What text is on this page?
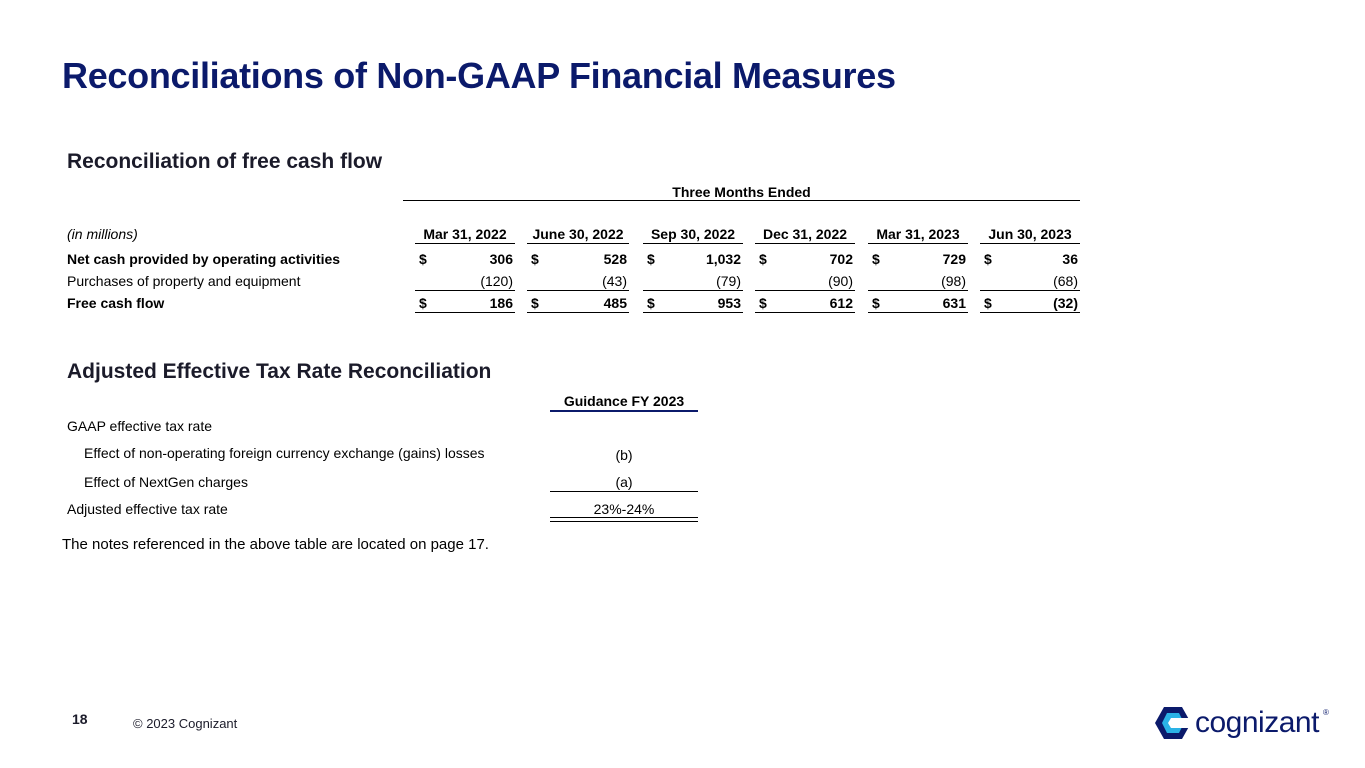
Reconciliations of Non-GAAP Financial Measures
Reconciliation of free cash flow
Three Months Ended
(in millions)	Mar 31, 2022	June 30, 2022	Sep 30, 2022	Dec 31, 2022	Mar 31, 2023	Jun 30, 2023
Net cash provided by operating activities	$	306 $	528 $	1,032 $	702 $	729 $	36
Purchases of property and equipment	(120)	(43)	(79)	(90)	(98)	(68)
Free cash flow	$	186 $	485 $	953 $	612 $	631 $	(32)
Adjusted Effective Tax Rate Reconciliation
Guidance FY 2023
GAAP effective tax rate
Effect of non-operating foreign currency exchange (gains) losses	(b)
Effect of NextGen charges	(a)
Adjusted effective tax rate	23%-24%
The notes referenced in the above table are located on page 17.
18	© 2023 Cognizant	cognizant ®
